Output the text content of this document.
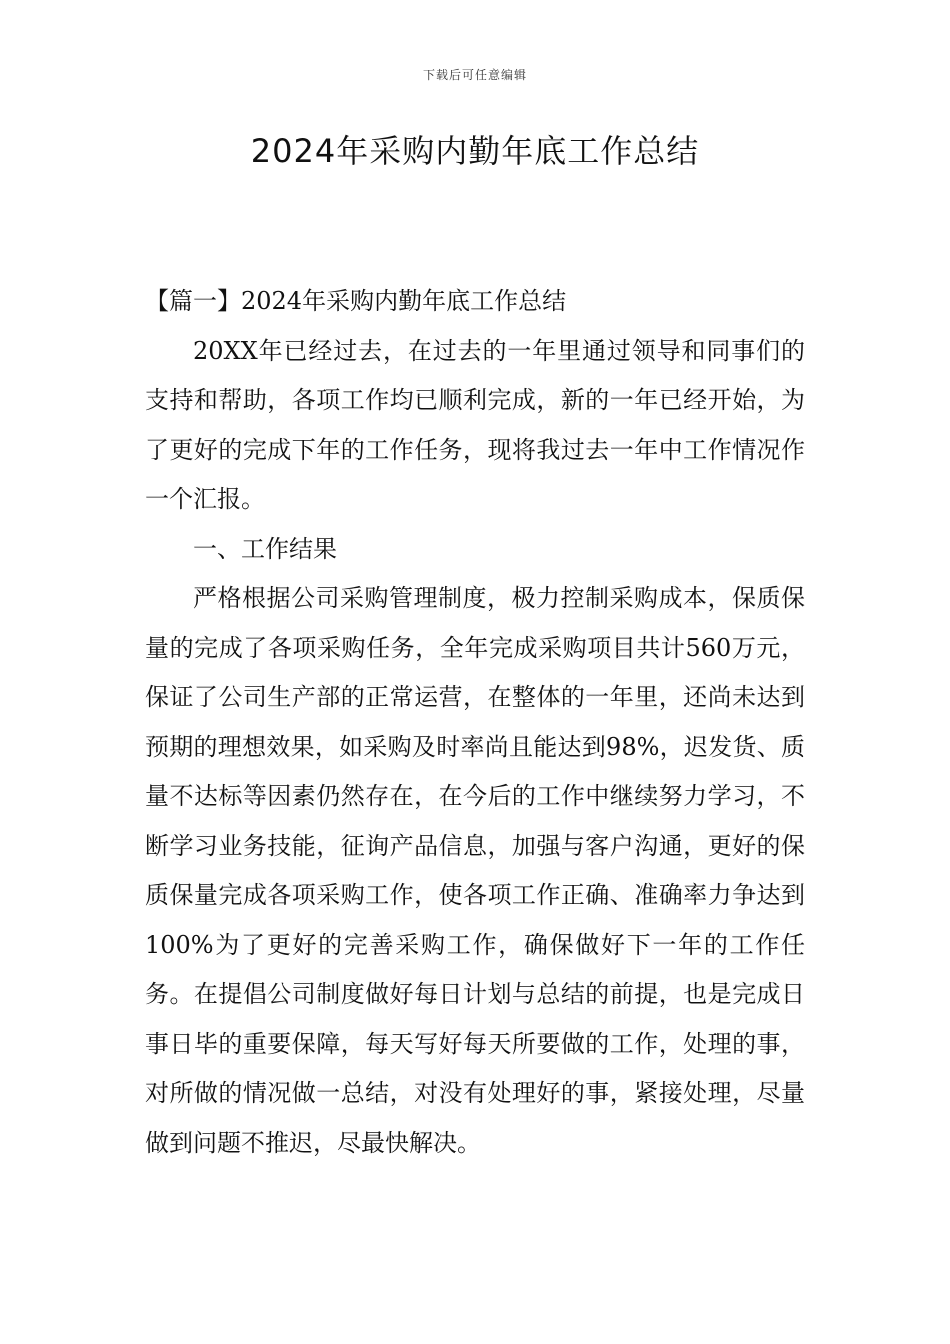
下载后可任意编辑
2024年采购内勤年底工作总结

【篇一】2024年采购内勤年底工作总结

20XX年已经过去，在过去的一年里通过领导和同事们的支持和帮助，各项工作均已顺利完成，新的一年已经开始，为了更好的完成下年的工作任务，现将我过去一年中工作情况作一个汇报。

一、工作结果

严格根据公司采购管理制度，极力控制采购成本，保质保量的完成了各项采购任务，全年完成采购项目共计560万元，保证了公司生产部的正常运营，在整体的一年里，还尚未达到预期的理想效果，如采购及时率尚且能达到98%，迟发货、质量不达标等因素仍然存在，在今后的工作中继续努力学习，不断学习业务技能，征询产品信息，加强与客户沟通，更好的保质保量完成各项采购工作，使各项工作正确、准确率力争达到100%为了更好的完善采购工作，确保做好下一年的工作任务。在提倡公司制度做好每日计划与总结的前提，也是完成日事日毕的重要保障，每天写好每天所要做的工作，处理的事，对所做的情况做一总结，对没有处理好的事，紧接处理，尽量做到问题不推迟，尽最快解决。
